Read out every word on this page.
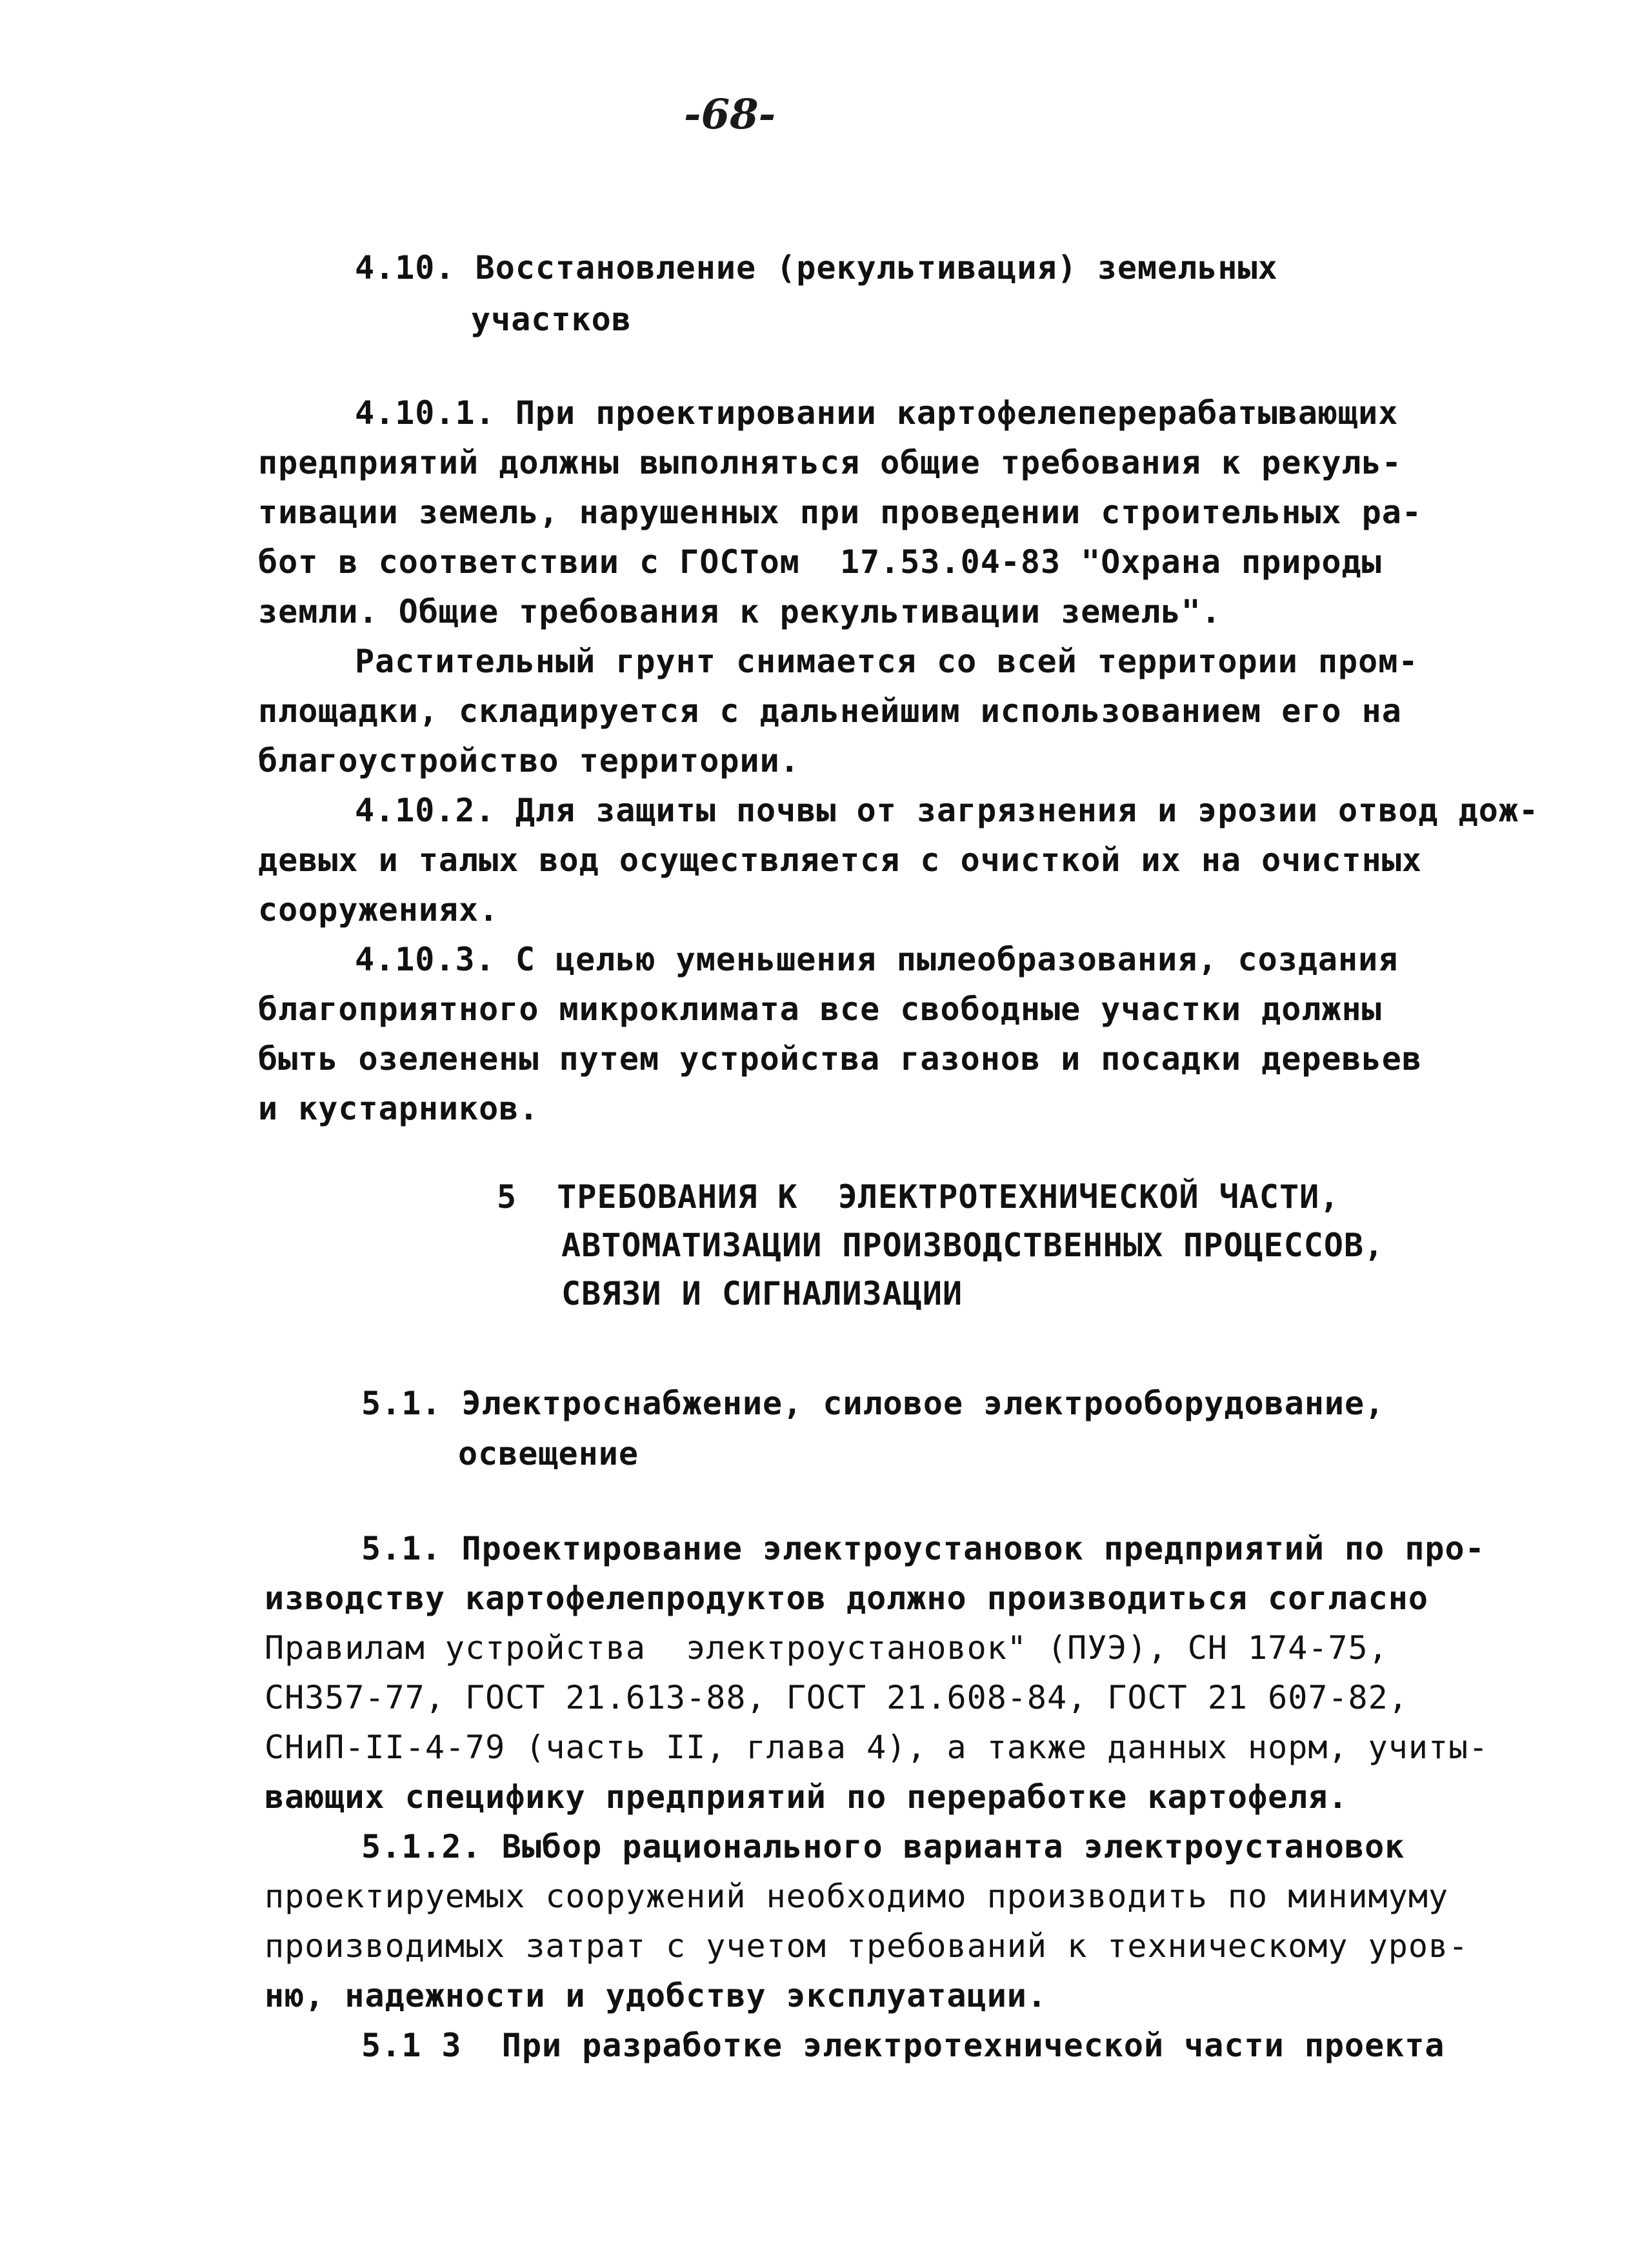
-68-
4.10. Восстановление (рекультивация) земельных
участков
4.10.1. При проектировании картофелеперерабатывающих
предприятий должны выполняться общие требования к рекуль-
тивации земель, нарушенных при проведении строительных ра-
бот в соответствии с ГОСТом  17.53.04-83 "Охрана природы
земли. Общие требования к рекультивации земель".
Растительный грунт снимается со всей территории пром-
площадки, складируется с дальнейшим использованием его на
благоустройство территории.
4.10.2. Для защиты почвы от загрязнения и эрозии отвод дож-
девых и талых вод осуществляется с очисткой их на очистных
сооружениях.
4.10.3. С целью уменьшения пылеобразования, создания
благоприятного микроклимата все свободные участки должны
быть озеленены путем устройства газонов и посадки деревьев
и кустарников.
5  ТРЕБОВАНИЯ К  ЭЛЕКТРОТЕХНИЧЕСКОЙ ЧАСТИ,
АВТОМАТИЗАЦИИ ПРОИЗВОДСТВЕННЫХ ПРОЦЕССОВ,
СВЯЗИ И СИГНАЛИЗАЦИИ
5.1. Электроснабжение, силовое электрооборудование,
освещение
5.1. Проектирование электроустановок предприятий по про-
изводству картофелепродуктов должно производиться согласно
Правилам устройства  электроустановок" (ПУЭ), СН 174-75,
СН357-77, ГОСТ 21.613-88, ГОСТ 21.608-84, ГОСТ 21 607-82,
СНиП-II-4-79 (часть II, глава 4), а также данных норм, учиты-
вающих специфику предприятий по переработке картофеля.
5.1.2. Выбор рационального варианта электроустановок
проектируемых сооружений необходимо производить по минимуму
производимых затрат с учетом требований к техническому уров-
ню, надежности и удобству эксплуатации.
5.1 3  При разработке электротехнической части проекта
